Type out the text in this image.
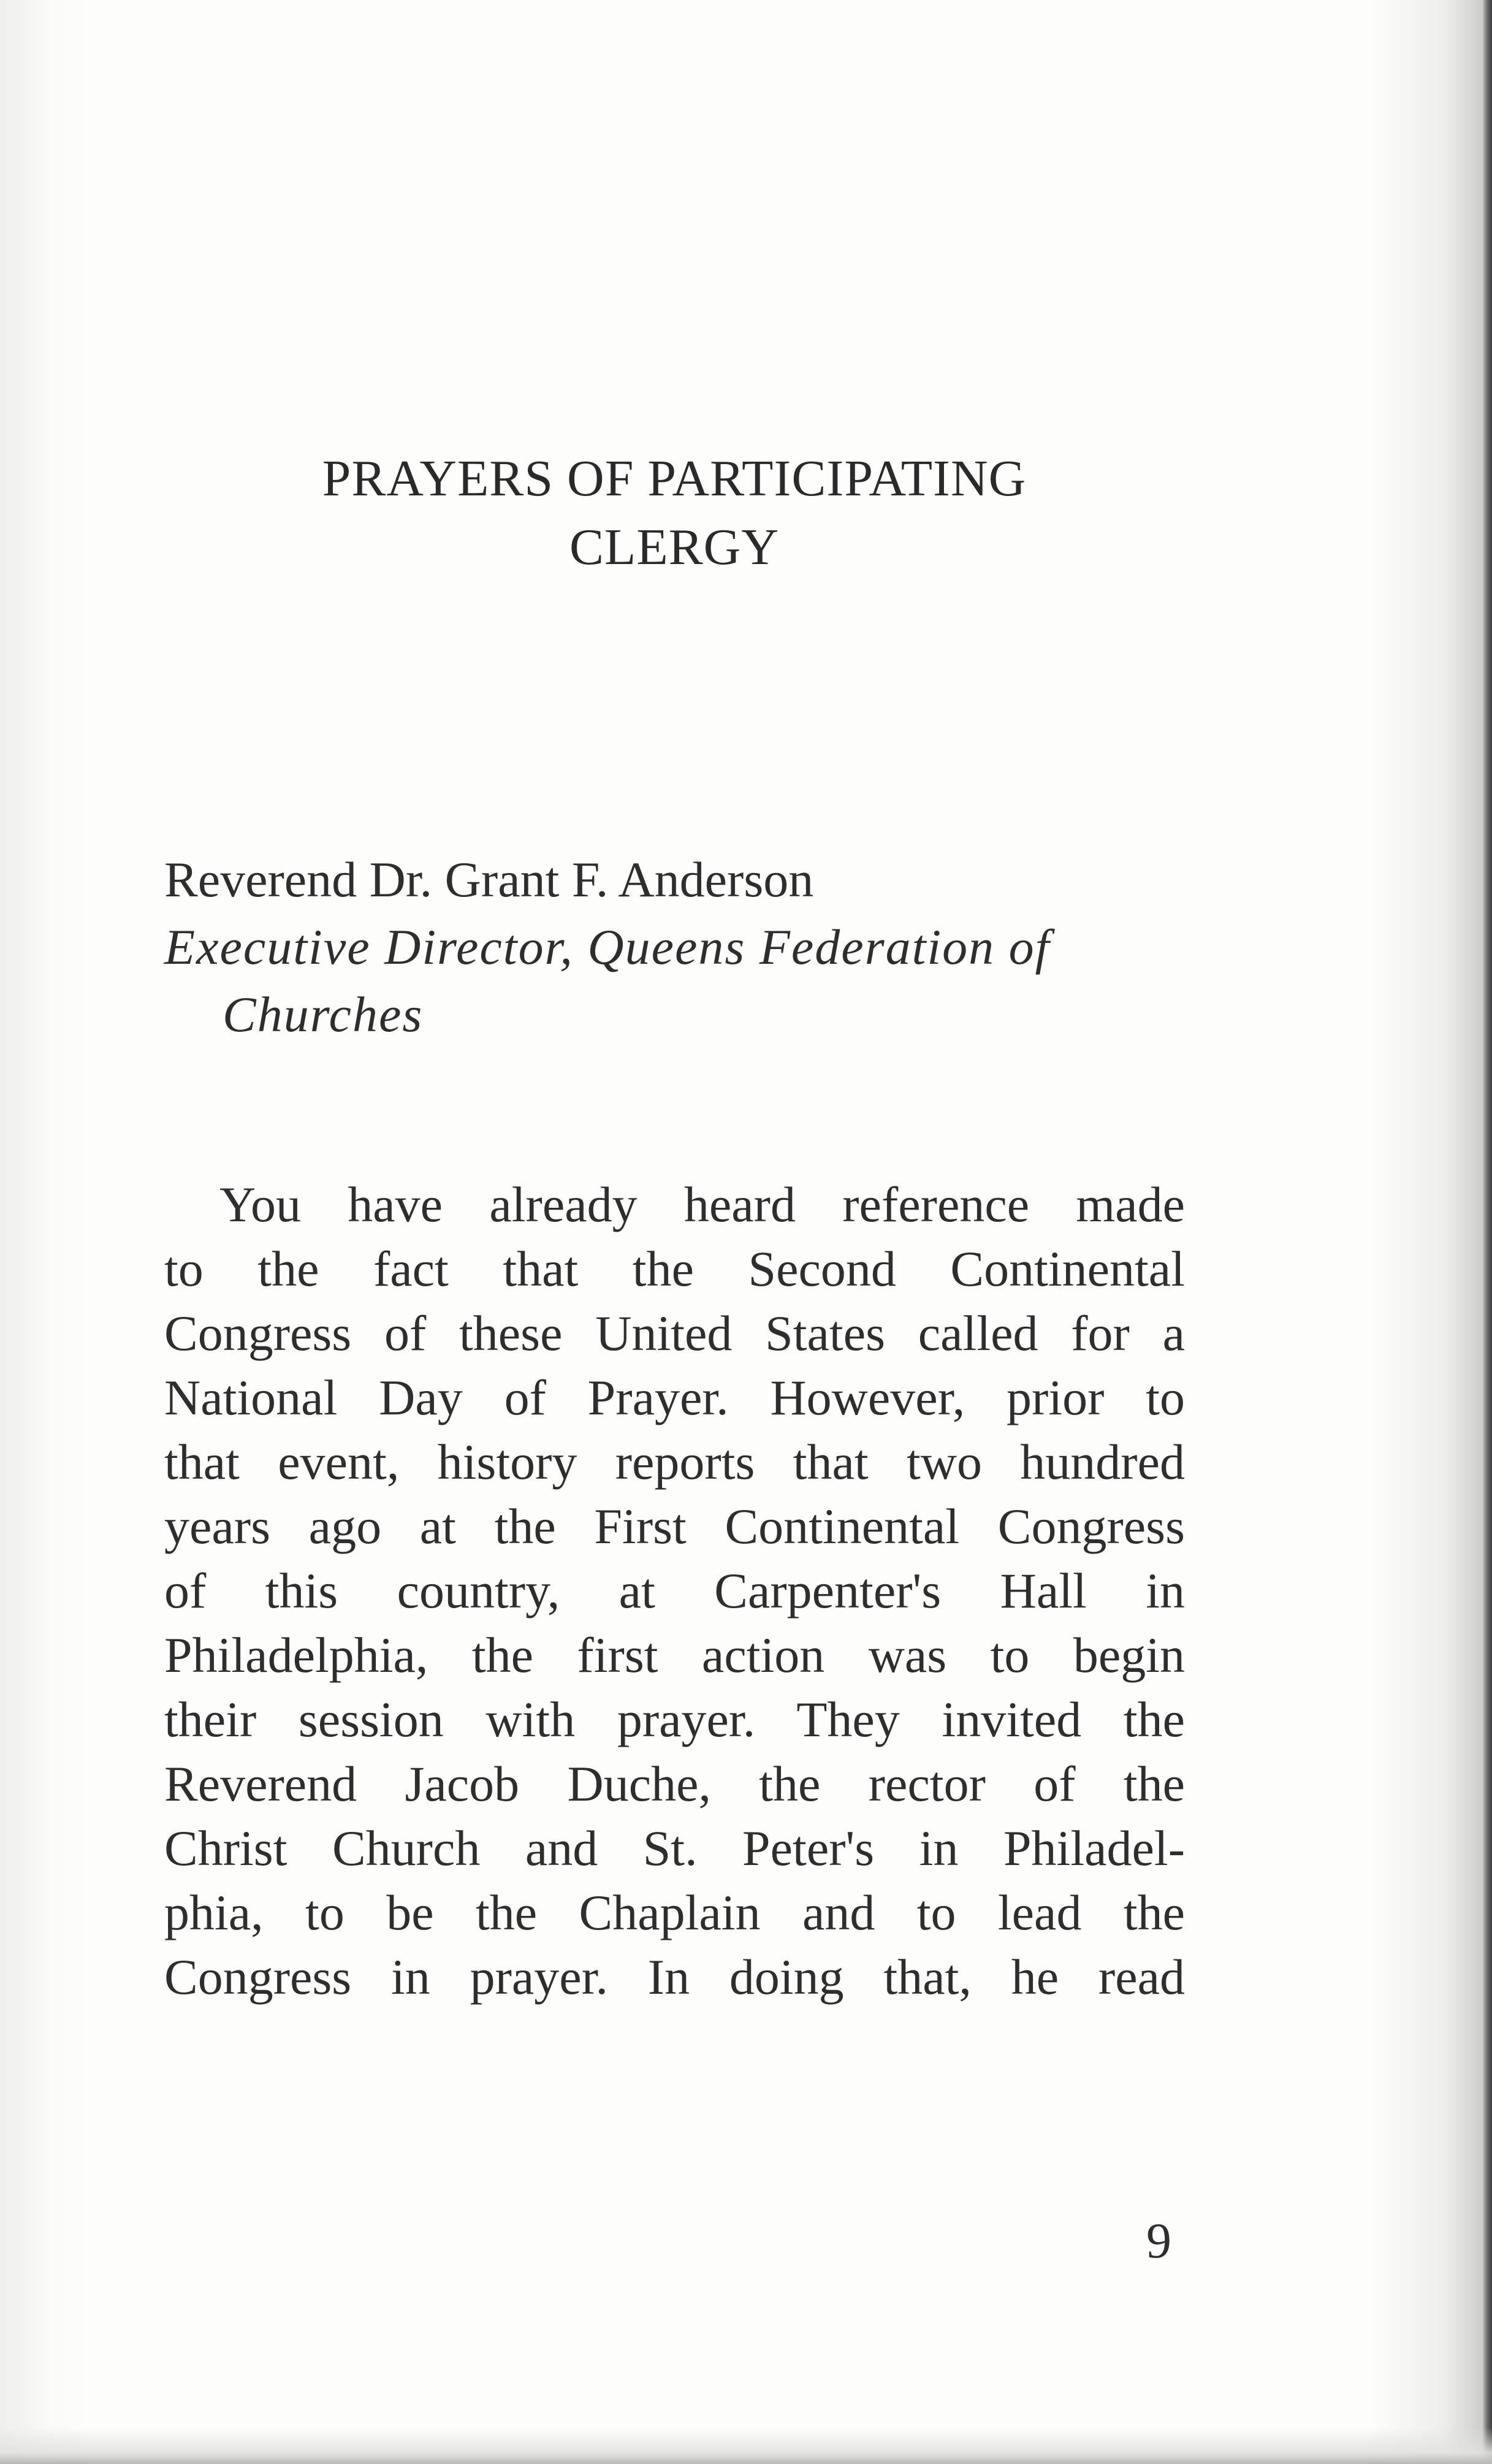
PRAYERS OF PARTICIPATING CLERGY
Reverend Dr. Grant F. Anderson
Executive Director, Queens Federation of Churches
You have already heard reference made
to the fact that the Second Continental
Congress of these United States called for a
National Day of Prayer. However, prior to
that event, history reports that two hundred
years ago at the First Continental Congress
of this country, at Carpenter's Hall in
Philadelphia, the first action was to begin
their session with prayer. They invited the
Reverend Jacob Duche, the rector of the
Christ Church and St. Peter's in Philadel-
phia, to be the Chaplain and to lead the
Congress in prayer. In doing that, he read
9
